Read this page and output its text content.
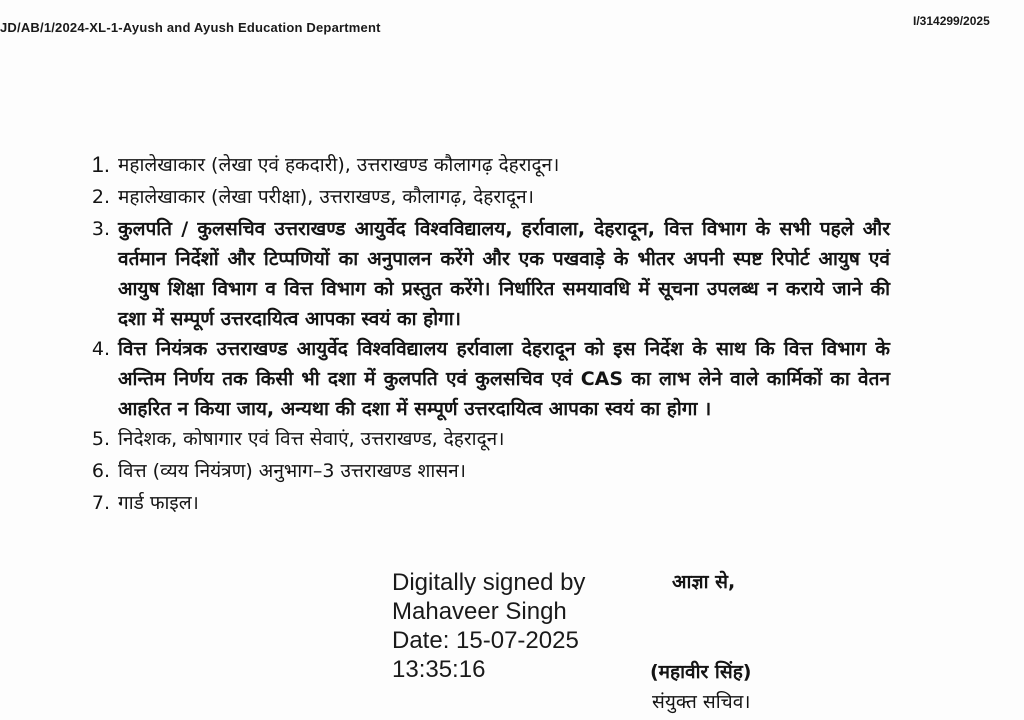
JD/AB/1/2024-XL-1-Ayush and Ayush Education Department	I/314299/2025
1. महालेखाकार (लेखा एवं हकदारी), उत्तराखण्ड कौलागढ़ देहरादून।
2. महालेखाकार (लेखा परीक्षा), उत्तराखण्ड, कौलागढ़, देहरादून।
3. कुलपति / कुलसचिव उत्तराखण्ड आयुर्वेद विश्वविद्यालय, हर्रावाला, देहरादून, वित्त विभाग के सभी पहले और वर्तमान निर्देशों और टिप्पणियों का अनुपालन करेंगे और एक पखवाड़े के भीतर अपनी स्पष्ट रिपोर्ट आयुष एवं आयुष शिक्षा विभाग व वित्त विभाग को प्रस्तुत करेंगे। निर्धारित समयावधि में सूचना उपलब्ध न कराये जाने की दशा में सम्पूर्ण उत्तरदायित्व आपका स्वयं का होगा।
4. वित्त नियंत्रक उत्तराखण्ड आयुर्वेद विश्वविद्यालय हर्रावाला देहरादून को इस निर्देश के साथ कि वित्त विभाग के अन्तिम निर्णय तक किसी भी दशा में कुलपति एवं कुलसचिव एवं CAS का लाभ लेने वाले कार्मिकों का वेतन आहरित न किया जाय, अन्यथा की दशा में सम्पूर्ण उत्तरदायित्व आपका स्वयं का होगा ।
5. निदेशक, कोषागार एवं वित्त सेवाएं, उत्तराखण्ड, देहरादून।
6. वित्त (व्यय नियंत्रण) अनुभाग–3 उत्तराखण्ड शासन।
7. गार्ड फाइल।
Digitally signed by
Mahaveer Singh
Date: 15-07-2025
13:35:16
आज्ञा से,
(महावीर सिंह)
संयुक्त सचिव।
